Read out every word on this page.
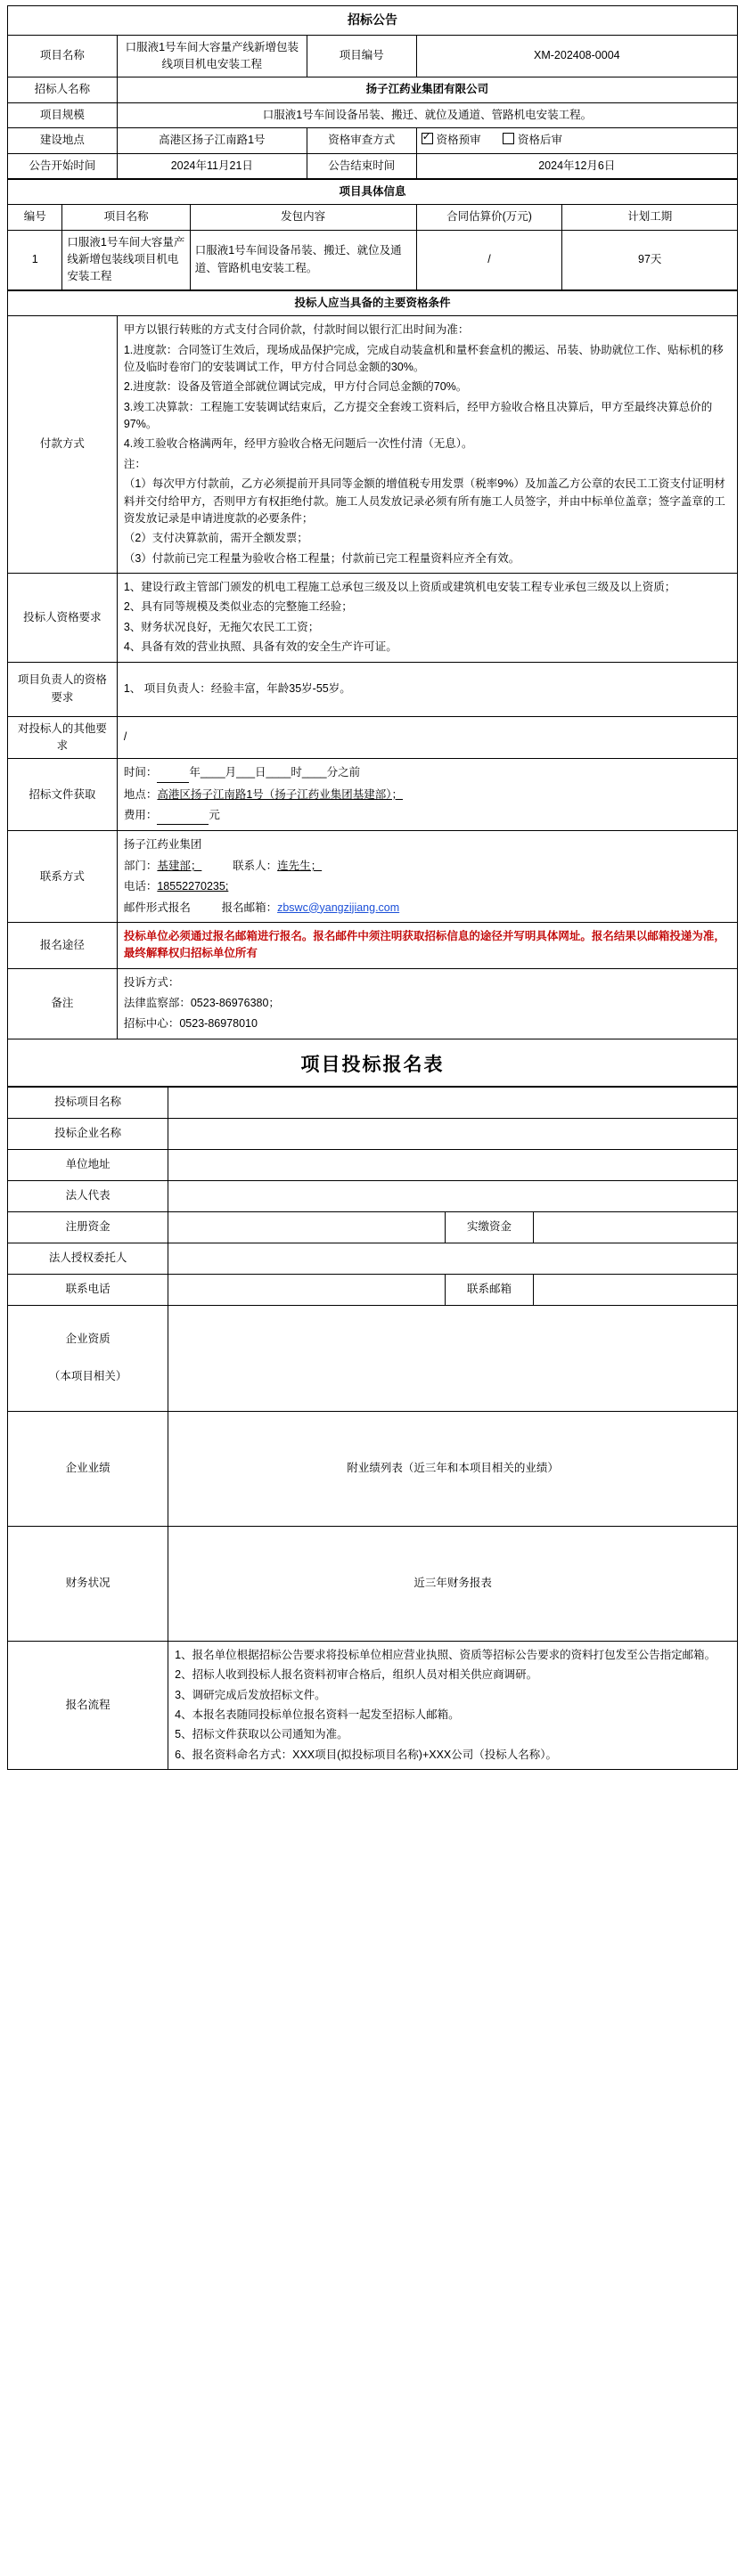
招标公告			
项目名称	口服液1号车间大容量产线新增包装线项目机电安装工程	项目编号	XM-202408-0004
招标人名称	扬子江药业集团有限公司		
项目规模	口服液1号车间设备吊装、搬迁、就位及通道、管路机电安装工程。		
建设地点	高港区扬子江南路1号	资格审查方式	✓资格预审 资格后审
公告开始时间	2024年11月21日	公告结束时间	2024年12月6日
项目具体信息				
编号	项目名称	发包内容	合同估算价(万元)	计划工期
1	口服液1号车间大容量产线新增包装线项目机电安装工程	口服液1号车间设备吊装、搬迁、就位及通道、管路机电安装工程。	/	97天
投标人应当具备的主要资格条件	
付款方式	

甲方以银行转账的方式支付合同价款，付款时间以银行汇出时间为准：

1.进度款：合同签订生效后，现场成品保护完成，完成自动装盒机和量杯套盒机的搬运、吊装、协助就位工作、贴标机的移位及临时卷帘门的安装调试工作，甲方付合同总金额的30%。

2.进度款：设备及管道全部就位调试完成，甲方付合同总金额的70%。

3.竣工决算款：工程施工安装调试结束后，乙方提交全套竣工资料后，经甲方验收合格且决算后，甲方至最终决算总价的97%。

4.竣工验收合格满两年，经甲方验收合格无问题后一次性付清（无息）。

注：

（1）每次甲方付款前，乙方必须提前开具同等金额的增值税专用发票（税率9%）及加盖乙方公章的农民工工资支付证明材料并交付给甲方，否则甲方有权拒绝付款。施工人员发放记录必须有所有施工人员签字，并由中标单位盖章；签字盖章的工资发放记录是申请进度款的必要条件；

（2）支付决算款前，需开全额发票；

（3）付款前已完工程量为验收合格工程量；付款前已完工程量资料应齐全有效。

投标人资格要求	1、建设行政主管部门颁发的机电工程施工总承包三级及以上资质或建筑机电安装工程专业承包三级及以上资质；

2、具有同等规模及类似业态的完整施工经验；

3、财务状况良好，无拖欠农民工工资；

4、具备有效的营业执照、具备有效的安全生产许可证。

项目负责人的资格要求	1、 项目负责人：经验丰富，年龄35岁-55岁。
对投标人的其他要求	/
招标文件获取	时间： 年____月___日____时____分之前

地点：高港区扬子江南路1号（扬子江药业集团基建部）；

费用： 元

联系方式	扬子江药业集团

部门：基建部； 联系人：连先生；

电话：18552270235;

邮件形式报名 报名邮箱：zbswc@yangzijiang.com

报名途径	投标单位必须通过报名邮箱进行报名。报名邮件中须注明获取招标信息的途径并写明具体网址。报名结果以邮箱投递为准，最终解释权归招标单位所有
备注	投诉方式：

法律监察部：0523-86976380；

招标中心：0523-86978010

项目投标报名表
投标项目名称			
投标企业名称			
单位地址			
法人代表			
注册资金		实缴资金	
法人授权委托人			
联系电话		联系邮箱	

企业资质
（本项目相关）			

企业业绩	附业绩列表（近三年和本项目相关的业绩）		
财务状况	近三年财务报表		
报名流程	

1、报名单位根据招标公告要求将投标单位相应营业执照、资质等招标公告要求的资料打包发至公告指定邮箱。

2、招标人收到投标人报名资料初审合格后，组织人员对相关供应商调研。

3、调研完成后发放招标文件。

4、本报名表随同投标单位报名资料一起发至招标人邮箱。

5、招标文件获取以公司通知为准。

6、报名资料命名方式：XXX项目(拟投标项目名称)+XXX公司（投标人名称）。
